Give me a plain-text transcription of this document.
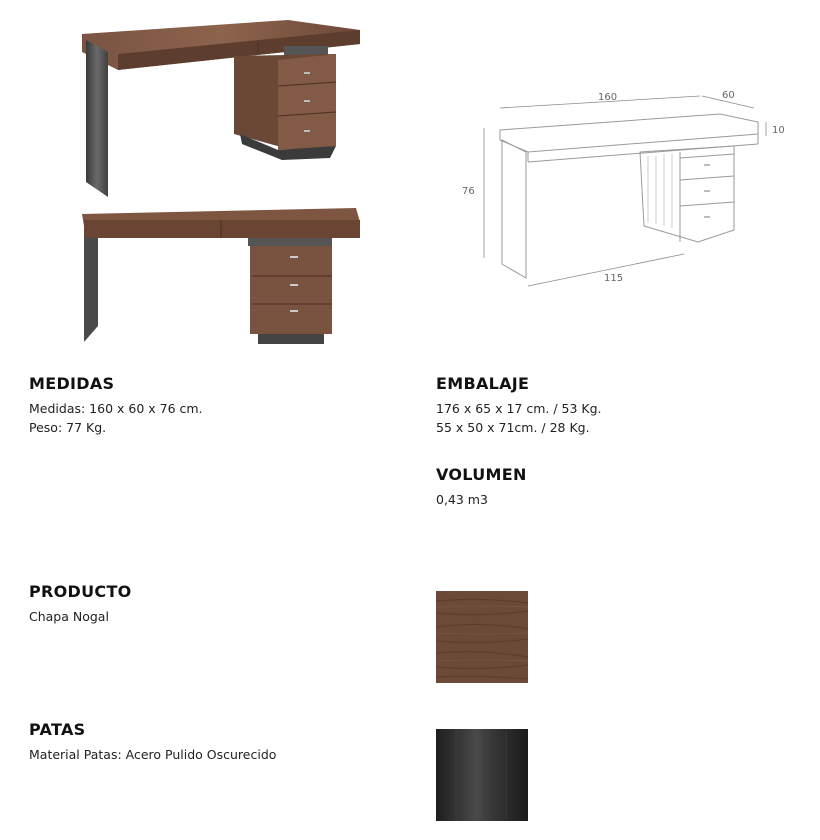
160	60
10
76
115
MEDIDAS
Medidas: 160 x 60 x 76 cm.
Peso: 77 Kg.
EMBALAJE
176 x 65 x 17 cm. / 53 Kg.
55 x 50 x 71cm. / 28 Kg.
VOLUMEN
0,43 m3
PRODUCTO
Chapa Nogal
PATAS
Material Patas: Acero Pulido Oscurecido
